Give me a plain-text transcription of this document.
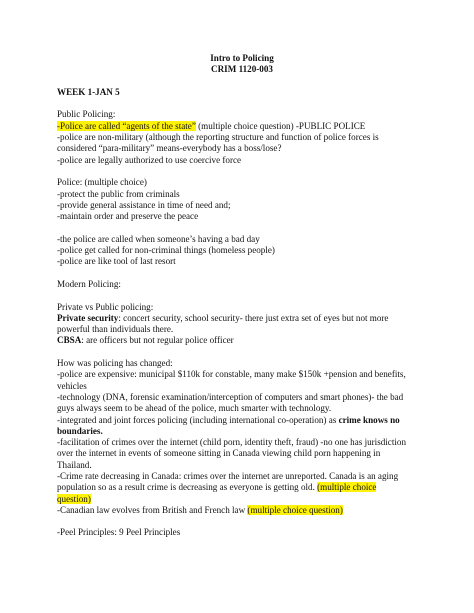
Intro to Policing
CRIM 1120-003
WEEK 1-JAN 5
Public Policing:
-Police are called “agents of the state” (multiple choice question) -PUBLIC POLICE
-police are non-military (although the reporting structure and function of police forces is
considered “para-military” means-everybody has a boss/lose?
-police are legally authorized to use coercive force
Police: (multiple choice)
-protect the public from criminals
-provide general assistance in time of need and;
-maintain order and preserve the peace
-the police are called when someone’s having a bad day
-police get called for non-criminal things (homeless people)
-police are like tool of last resort
Modern Policing:
Private vs Public policing:
Private security: concert security, school security- there just extra set of eyes but not more
powerful than individuals there.
CBSA: are officers but not regular police officer
How was policing has changed:
-police are expensive: municipal $110k for constable, many make $150k +pension and benefits,
vehicles
-technology (DNA, forensic examination/interception of computers and smart phones)- the bad
guys always seem to be ahead of the police, much smarter with technology.
-integrated and joint forces policing (including international co-operation) as crime knows no
boundaries.
-facilitation of crimes over the internet (child porn, identity theft, fraud) -no one has jurisdiction
over the internet in events of someone sitting in Canada viewing child porn happening in
Thailand.
-Crime rate decreasing in Canada: crimes over the internet are unreported. Canada is an aging
population so as a result crime is decreasing as everyone is getting old. (multiple choice
question)
-Canadian law evolves from British and French law (multiple choice question)
-Peel Principles: 9 Peel Principles
